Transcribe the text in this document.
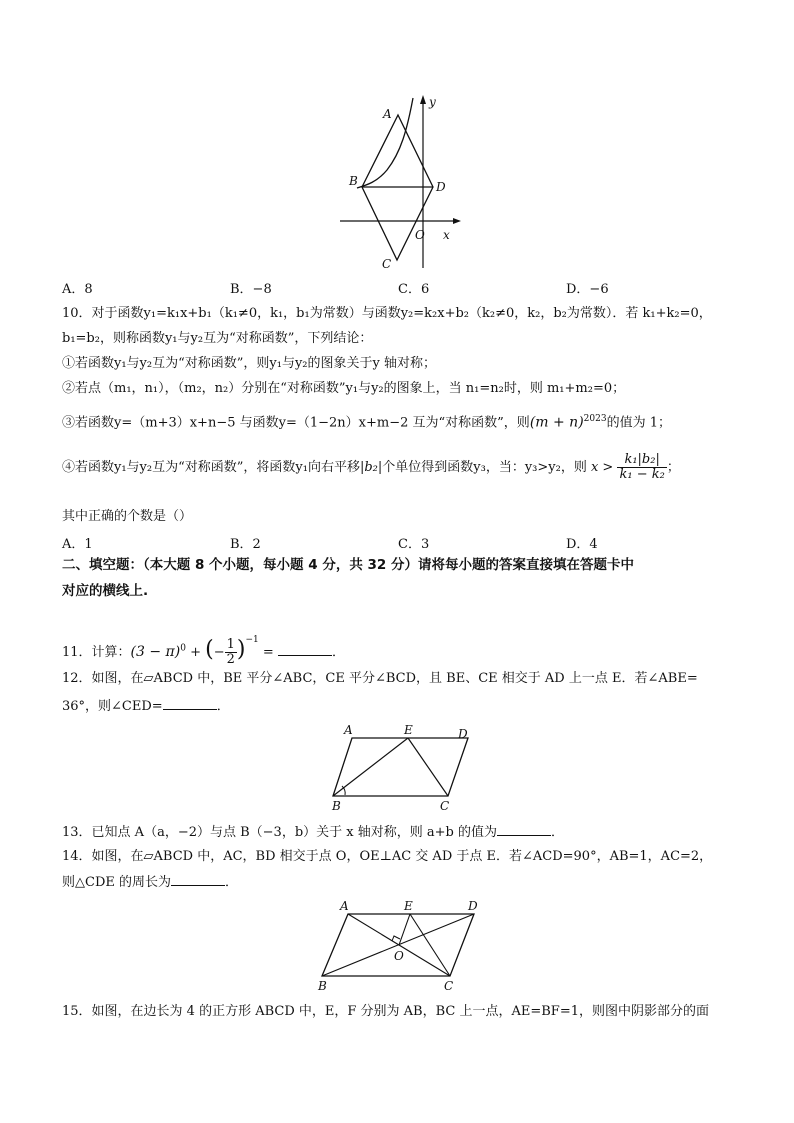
y
A
B	D
O x
C
A．8	B．−8	C．6	D．−6
10．对于函数y₁=k₁x+b₁（k₁≠0，k₁，b₁为常数）与函数y₂=k₂x+b₂（k₂≠0，k₂，b₂为常数）．若 k₁+k₂=0，
b₁=b₂，则称函数y₁与y₂互为“对称函数”，下列结论：
①若函数y₁与y₂互为“对称函数”，则y₁与y₂的图象关于y 轴对称；
②若点（m₁，n₁），（m₂，n₂）分别在“对称函数”y₁与y₂的图象上，当 n₁=n₂时，则 m₁+m₂=0；
③若函数y=（m+3）x+n−5 与函数y=（1−2n）x+m−2 互为“对称函数”，则$(m + n)^{2023}$的值为 1；
④若函数y₁与y₂互为“对称函数”，将函数y₁向右平移|b₂|个单位得到函数y₃，当：y₃>y₂，则 $x > \frac{\text{k₁|b₂|}}{\text{k₁ − k₂}}$ ；
其中正确的个数是（）
A．1	B．2	C．3	D．4
二、填空题：（本大题 8 个小题，每小题 4 分，共 32 分）请将每小题的答案直接填在答题卡中
对应的横线上.
11．计算：$(3 - \pi)^0$ + (− $\frac{1}{2} )^{-1}$ =	．
12．如图，在▱ABCD 中，BE 平分∠ABC，CE 平分∠BCD，且 BE、CE 相交于 AD 上一点 E．若∠ABE=
36°，则∠CED=	．
A	E	D
B	C
13．已知点 A（a，−2）与点 B（−3，b）关于 x 轴对称，则 a+b 的值为	．
14．如图，在▱ABCD 中，AC，BD 相交于点 O，OE⊥AC 交 AD 于点 E．若∠ACD=90°，AB=1，AC=2，
则△CDE 的周长为	．
A	E	D
O
B	C
15．如图，在边长为 4 的正方形 ABCD 中，E，F 分别为 AB，BC 上一点，AE=BF=1，则图中阴影部分的面
